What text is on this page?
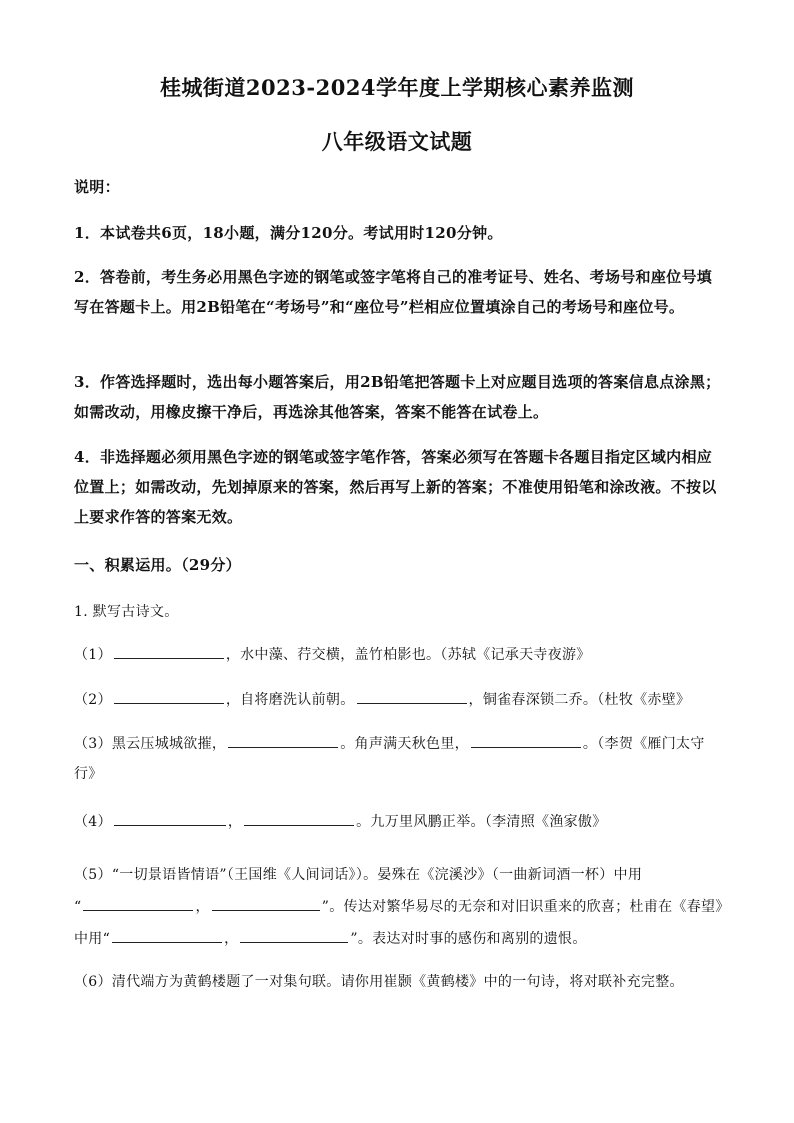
桂城街道2023-2024学年度上学期核心素养监测
八年级语文试题
说明：
1．本试卷共6页，18小题，满分120分。考试用时120分钟。
2．答卷前，考生务必用黑色字迹的钢笔或签字笔将自己的准考证号、姓名、考场号和座位号填写在答题卡上。用2B铅笔在“考场号”和“座位号”栏相应位置填涂自己的考场号和座位号。
3．作答选择题时，选出每小题答案后，用2B铅笔把答题卡上对应题目选项的答案信息点涂黑；如需改动，用橡皮擦干净后，再选涂其他答案，答案不能答在试卷上。
4．非选择题必须用黑色字迹的钢笔或签字笔作答，答案必须写在答题卡各题目指定区域内相应位置上；如需改动，先划掉原来的答案，然后再写上新的答案；不准使用铅笔和涂改液。不按以上要求作答的答案无效。
一、积累运用。（29分）
1. 默写古诗文。
（1）	，水中藻、荇交横，盖竹柏影也。（苏轼《记承天寺夜游》
（2）	，自将磨洗认前朝。	，铜雀春深锁二乔。（杜牧《赤壁》
（3）黑云压城城欲摧，	。角声满天秋色里，	。（李贺《雁门太守行》
（4）	，	。九万里风鹏正举。（李清照《渔家傲》
（5）“一切景语皆情语”（王国维《人间词话》）。晏殊在《浣溪沙》（一曲新词酒一杯）中用
“	，	”。传达对繁华易尽的无奈和对旧识重来的欣喜；杜甫在《春望》中用“	，	”。表达对时事的感伤和离别的遗恨。
（6）清代端方为黄鹤楼题了一对集句联。请你用崔颢《黄鹤楼》中的一句诗，将对联补充完整。
